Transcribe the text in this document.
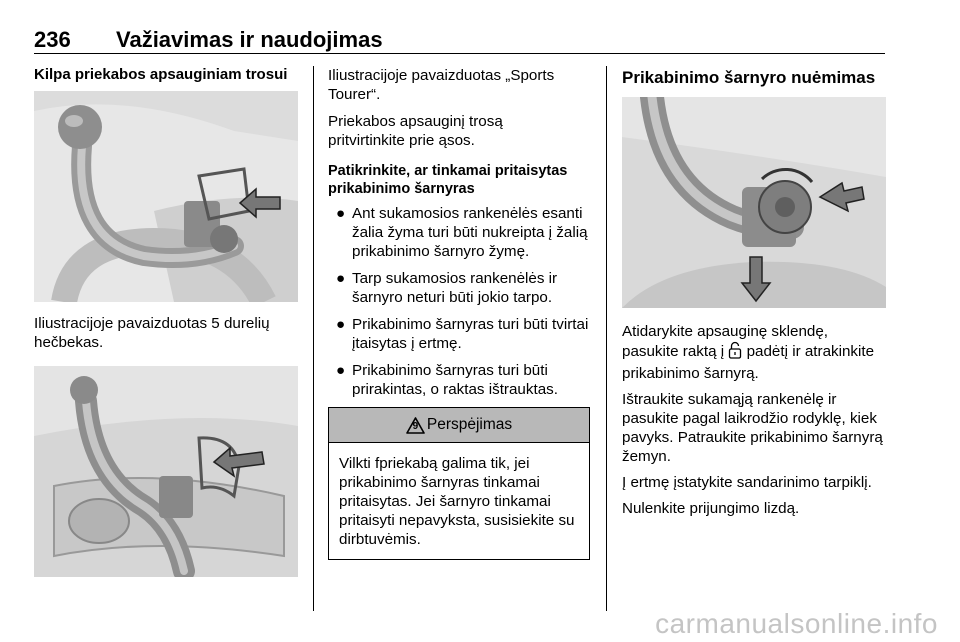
236 Važiavimas ir naudojimas
Kilpa priekabos apsauginiam trosui

Iliustracijoje pavaizduotas 5 durelių hečbekas.

Iliustracijoje pavaizduotas „Sports Tourer“.

Priekabos apsauginį trosą pritvirtinkite prie ąsos.

Patikrinkite, ar tinkamai pritaisytas prikabinimo šarnyras
● Ant sukamosios rankenėlės esanti žalia žyma turi būti nukreipta į žalią prikabinimo šarnyro žymę.
● Tarp sukamosios rankenėlės ir šarnyro neturi būti jokio tarpo.
● Prikabinimo šarnyras turi būti tvirtai įtaisytas į ertmę.
● Prikabinimo šarnyras turi būti prirakintas, o raktas ištrauktas.
9 Perspėjimas
Vilkti fpriekabą galima tik, jei prikabinimo šarnyras tinkamai pritaisytas. Jei šarnyro tinkamai pritaisyti nepavyksta, susisiekite su dirbtuvėmis.
Prikabinimo šarnyro nuėmimas

Atidarykite apsauginę sklendę, pasukite raktą į  padėtį ir atrakinkite prikabinimo šarnyrą.

Ištraukite sukamąją rankenėlę ir pasukite pagal laikrodžio rodyklę, kiek pavyks. Patraukite prikabinimo šarnyrą žemyn.

Į ertmę įstatykite sandarinimo tarpiklį.

Nulenkite prijungimo lizdą.

carmanualsonline.info
